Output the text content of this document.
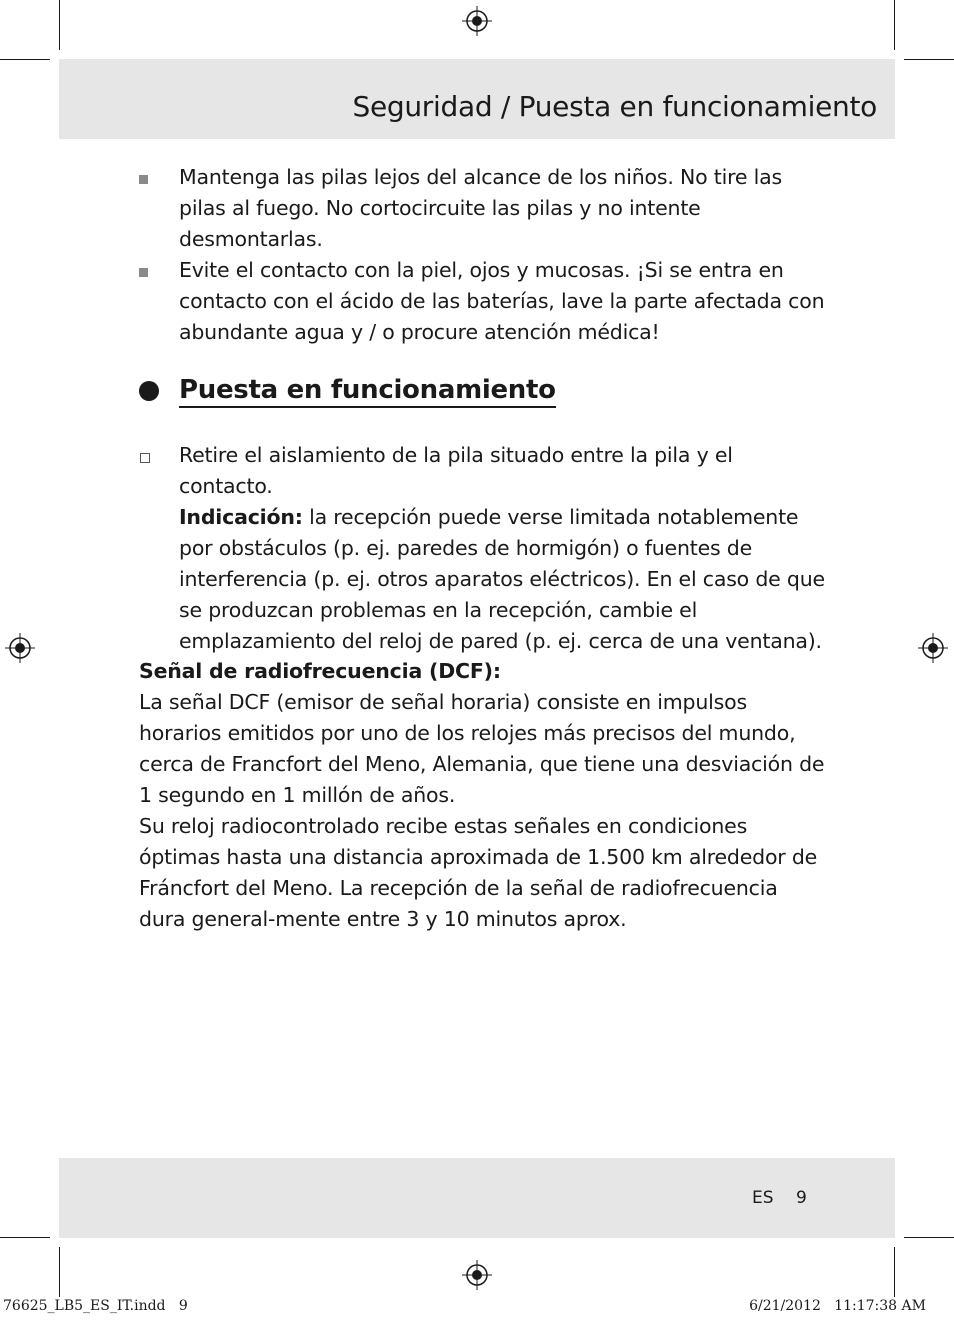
Seguridad / Puesta en funcionamiento
Mantenga las pilas lejos del alcance de los niños. No tire las pilas al fuego. No cortocircuite las pilas y no intente desmontarlas.
Evite el contacto con la piel, ojos y mucosas. ¡Si se entra en contacto con el ácido de las baterías, lave la parte afectada con abundante agua y / o procure atención médica!
Puesta en funcionamiento
Retire el aislamiento de la pila situado entre la pila y el contacto.
Indicación: la recepción puede verse limitada notablemente por obstáculos (p. ej. paredes de hormigón) o fuentes de interferencia (p. ej. otros aparatos eléctricos). En el caso de que se produzcan problemas en la recepción, cambie el emplazamiento del reloj de pared (p. ej. cerca de una ventana).

Señal de radiofrecuencia (DCF):

La señal DCF (emisor de señal horaria) consiste en impulsos horarios emitidos por uno de los relojes más precisos del mundo, cerca de Francfort del Meno, Alemania, que tiene una desviación de 1 segundo en 1 millón de años.

Su reloj radiocontrolado recibe estas señales en condiciones óptimas hasta una distancia aproximada de 1.500 km alrededor de Fráncfort del Meno. La recepción de la señal de radiofrecuencia dura general-mente entre 3 y 10 minutos aprox.

ES 9
76625_LB5_ES_IT.indd   9	6/21/2012   11:17:38 AM
